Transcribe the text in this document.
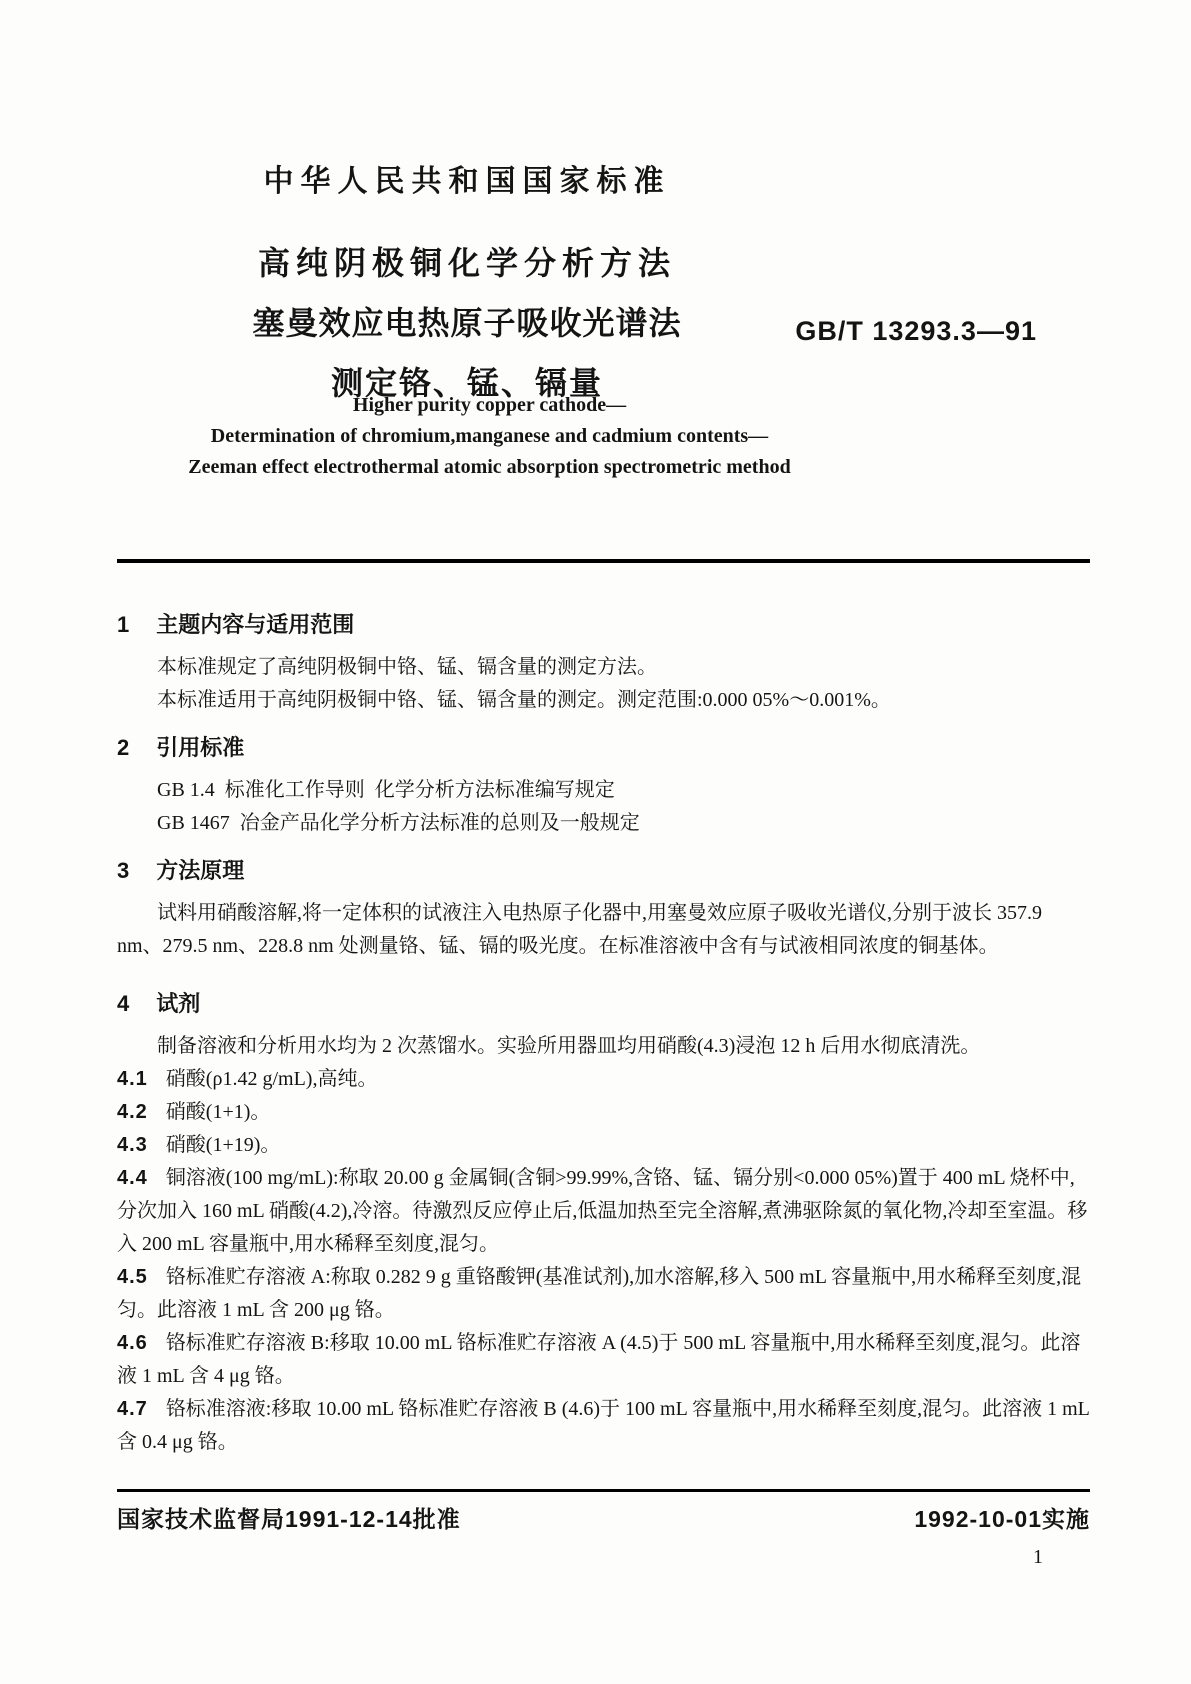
中华人民共和国国家标准
高纯阴极铜化学分析方法
塞曼效应电热原子吸收光谱法
测定铬、锰、镉量
GB/T 13293.3—91
Higher purity copper cathode—
Determination of chromium,manganese and cadmium contents—
Zeeman effect electrothermal atomic absorption spectrometric method
1 主题内容与适用范围

本标准规定了高纯阴极铜中铬、锰、镉含量的测定方法。

本标准适用于高纯阴极铜中铬、锰、镉含量的测定。测定范围:0.000 05%～0.001%。

2 引用标准

GB 1.4  标准化工作导则  化学分析方法标准编写规定

GB 1467  冶金产品化学分析方法标准的总则及一般规定

3 方法原理

试料用硝酸溶解,将一定体积的试液注入电热原子化器中,用塞曼效应原子吸收光谱仪,分别于波长 357.9 nm、279.5 nm、228.8 nm 处测量铬、锰、镉的吸光度。在标准溶液中含有与试液相同浓度的铜基体。

4 试剂

制备溶液和分析用水均为 2 次蒸馏水。实验所用器皿均用硝酸(4.3)浸泡 12 h 后用水彻底清洗。

4.1 硝酸(ρ1.42 g/mL),高纯。

4.2 硝酸(1+1)。

4.3 硝酸(1+19)。

4.4 铜溶液(100 mg/mL):称取 20.00 g 金属铜(含铜>99.99%,含铬、锰、镉分别<0.000 05%)置于 400 mL 烧杯中,分次加入 160 mL 硝酸(4.2),冷溶。待激烈反应停止后,低温加热至完全溶解,煮沸驱除氮的氧化物,冷却至室温。移入 200 mL 容量瓶中,用水稀释至刻度,混匀。

4.5 铬标准贮存溶液 A:称取 0.282 9 g 重铬酸钾(基准试剂),加水溶解,移入 500 mL 容量瓶中,用水稀释至刻度,混匀。此溶液 1 mL 含 200 μg 铬。

4.6 铬标准贮存溶液 B:移取 10.00 mL 铬标准贮存溶液 A (4.5)于 500 mL 容量瓶中,用水稀释至刻度,混匀。此溶液 1 mL 含 4 μg 铬。

4.7 铬标准溶液:移取 10.00 mL 铬标准贮存溶液 B (4.6)于 100 mL 容量瓶中,用水稀释至刻度,混匀。此溶液 1 mL 含 0.4 μg 铬。

国家技术监督局1991-12-14批准	1992-10-01实施
1
